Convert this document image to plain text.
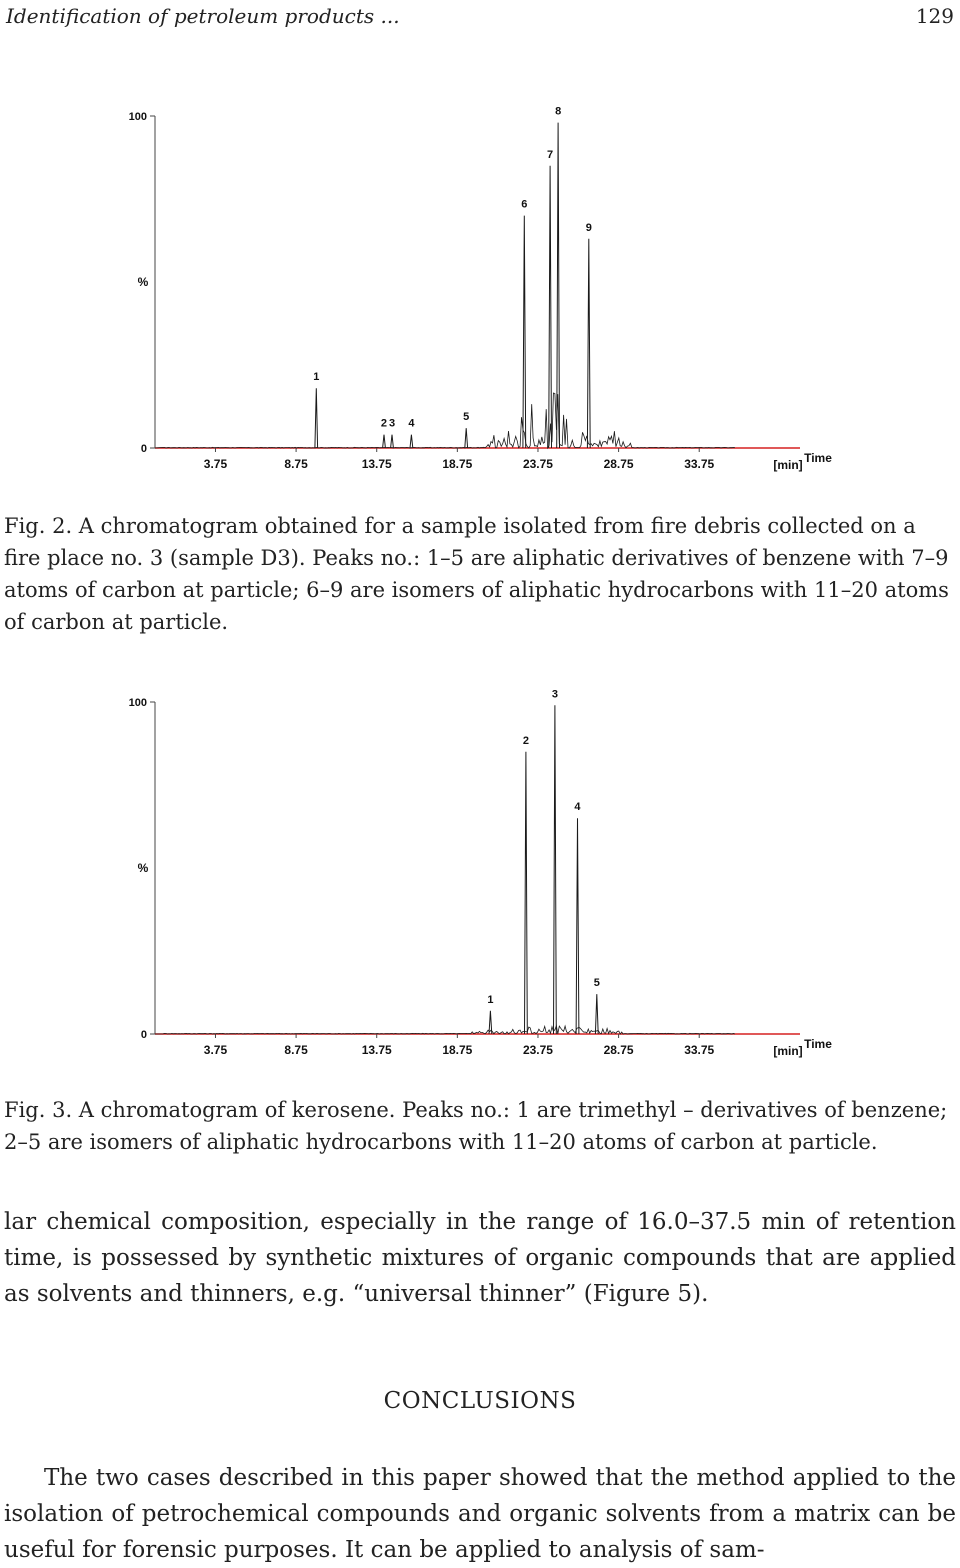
Identification of petroleum products ...	129
0
100
%
3.75	8.75	13.75	18.75	23.75	28.75	33.75	[min] Time
1
2 3 4
5
6
7
8
9
Fig. 2. A chromatogram obtained for a sample isolated from fire debris collected on a fire place no. 3 (sample D3). Peaks no.: 1–5 are aliphatic derivatives of benzene with 7–9 atoms of carbon at particle; 6–9 are isomers of aliphatic hydrocarbons with 11–20 atoms of carbon at particle.
0
100
%
3.75	8.75	13.75	18.75	23.75	28.75	33.75	[min] Time
1
2
3
4
5
Fig. 3. A chromatogram of kerosene. Peaks no.: 1 are trimethyl – derivatives of benzene; 2–5 are isomers of aliphatic hydrocarbons with 11–20 atoms of carbon at particle.
lar chemical composition, especially in the range of 16.0–37.5 min of retention time, is possessed by synthetic mixtures of organic compounds that are applied as solvents and thinners, e.g. “universal thinner” (Figure 5).
CONCLUSIONS
The two cases described in this paper showed that the method applied to the isolation of petrochemical compounds and organic solvents from a matrix can be useful for forensic purposes. It can be applied to analysis of sam-
